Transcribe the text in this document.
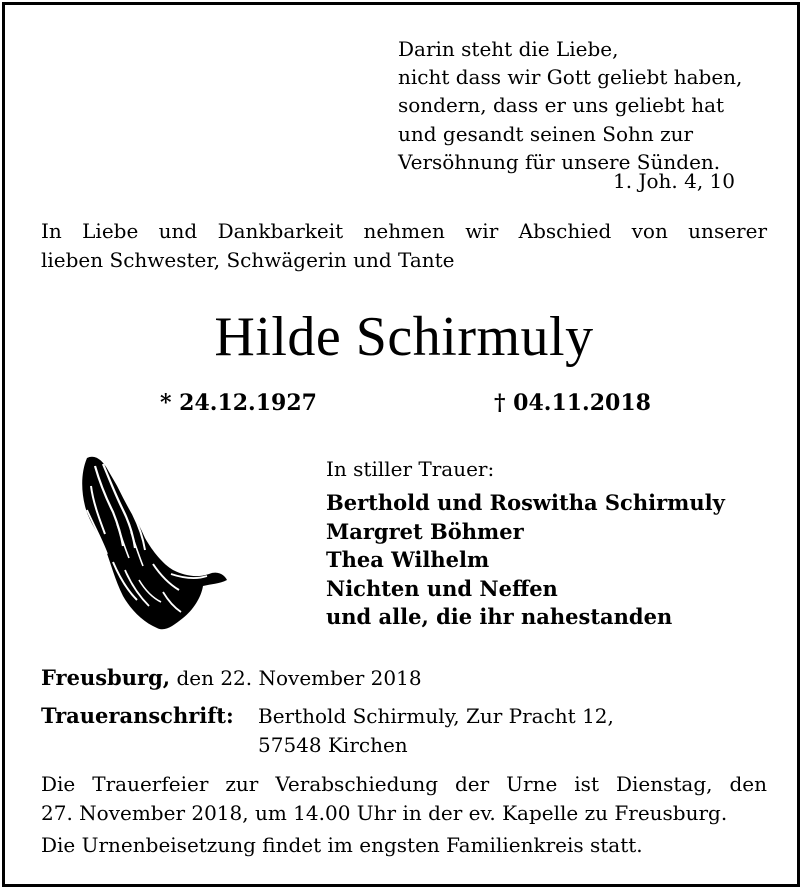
Darin steht die Liebe,
nicht dass wir Gott geliebt haben,
sondern, dass er uns geliebt hat
und gesandt seinen Sohn zur
Versöhnung für unsere Sünden.
1. Joh. 4, 10
In Liebe und Dankbarkeit nehmen wir Abschied von unserer
lieben Schwester, Schwägerin und Tante
Hilde Schirmuly
* 24.12.1927	† 04.11.2018
In stiller Trauer:
Berthold und Roswitha Schirmuly
Margret Böhmer
Thea Wilhelm
Nichten und Neffen
und alle, die ihr nahestanden
Freusburg, den 22. November 2018
Traueranschrift: Berthold Schirmuly, Zur Pracht 12,
57548 Kirchen
Die Trauerfeier zur Verabschiedung der Urne ist Dienstag, den
27. November 2018, um 14.00 Uhr in der ev. Kapelle zu Freusburg.
Die Urnenbeisetzung findet im engsten Familienkreis statt.
